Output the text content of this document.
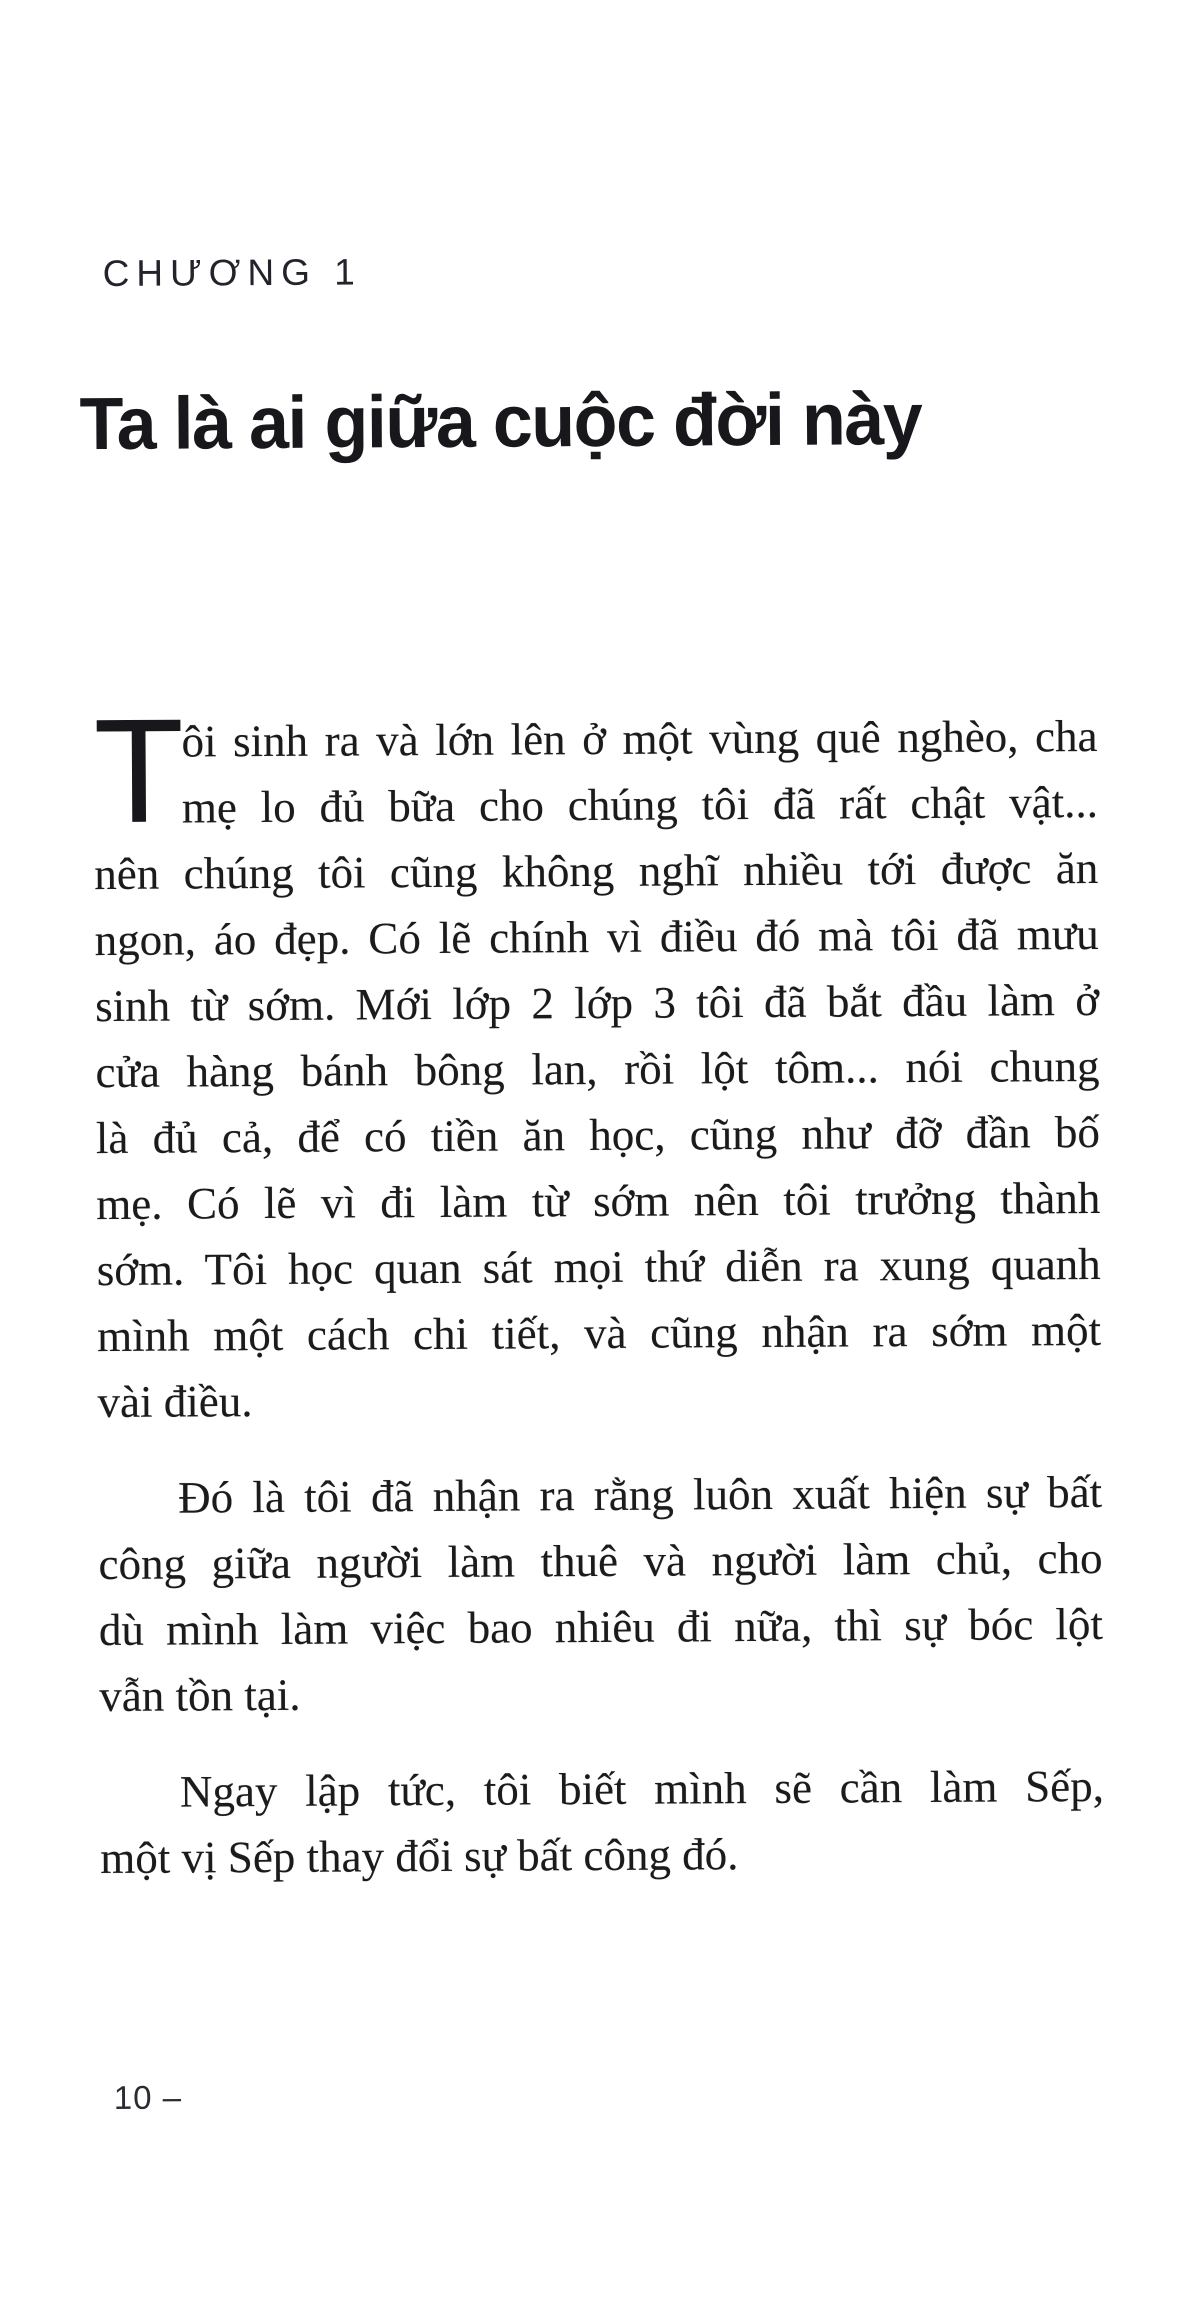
CHƯƠNG 1
Ta là ai giữa cuộc đời này
T
ôi sinh ra và lớn lên ở một vùng quê nghèo, cha
mẹ lo đủ bữa cho chúng tôi đã rất chật vật...
nên chúng tôi cũng không nghĩ nhiều tới được ăn
ngon, áo đẹp. Có lẽ chính vì điều đó mà tôi đã mưu
sinh từ sớm. Mới lớp 2 lớp 3 tôi đã bắt đầu làm ở
cửa hàng bánh bông lan, rồi lột tôm... nói chung
là đủ cả, để có tiền ăn học, cũng như đỡ đần bố
mẹ. Có lẽ vì đi làm từ sớm nên tôi trưởng thành
sớm. Tôi học quan sát mọi thứ diễn ra xung quanh
mình một cách chi tiết, và cũng nhận ra sớm một
vài điều.
Đó là tôi đã nhận ra rằng luôn xuất hiện sự bất
công giữa người làm thuê và người làm chủ, cho
dù mình làm việc bao nhiêu đi nữa, thì sự bóc lột
vẫn tồn tại.
Ngay lập tức, tôi biết mình sẽ cần làm Sếp,
một vị Sếp thay đổi sự bất công đó.
10 –
